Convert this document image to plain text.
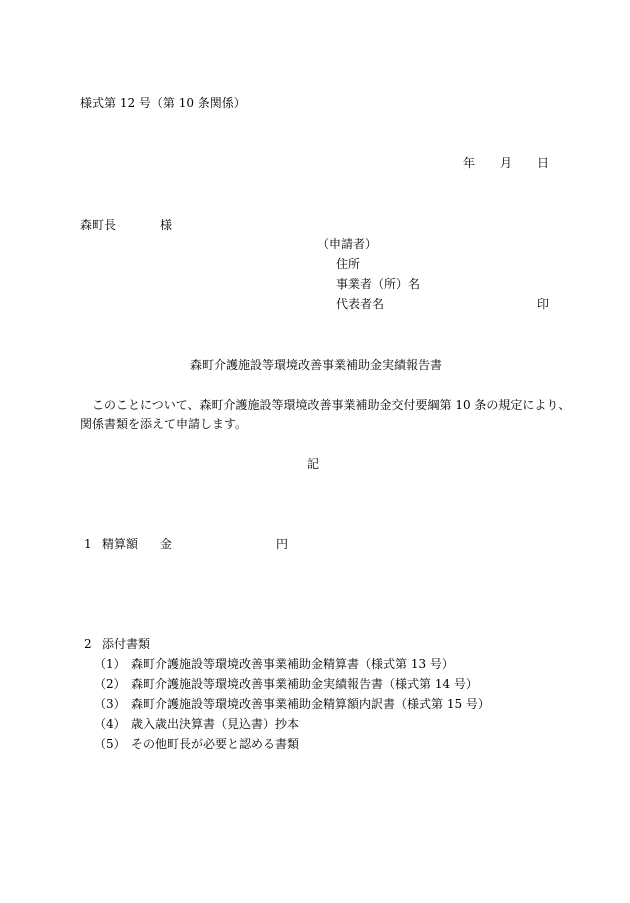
様式第 12 号（第 10 条関係）
年 月 日
森町長	様
（申請者）
住所
事業者（所）名
代表者名	印
森町介護施設等環境改善事業補助金実績報告書
このことについて、森町介護施設等環境改善事業補助金交付要綱第 10 条の規定により、
関係書類を添えて申請します。
記
1 精算額 金	円
2 添付書類
（1） 森町介護施設等環境改善事業補助金精算書（様式第 13 号）
（2） 森町介護施設等環境改善事業補助金実績報告書（様式第 14 号）
（3） 森町介護施設等環境改善事業補助金精算額内訳書（様式第 15 号）
（4） 歳入歳出決算書（見込書）抄本
（5） その他町長が必要と認める書類
